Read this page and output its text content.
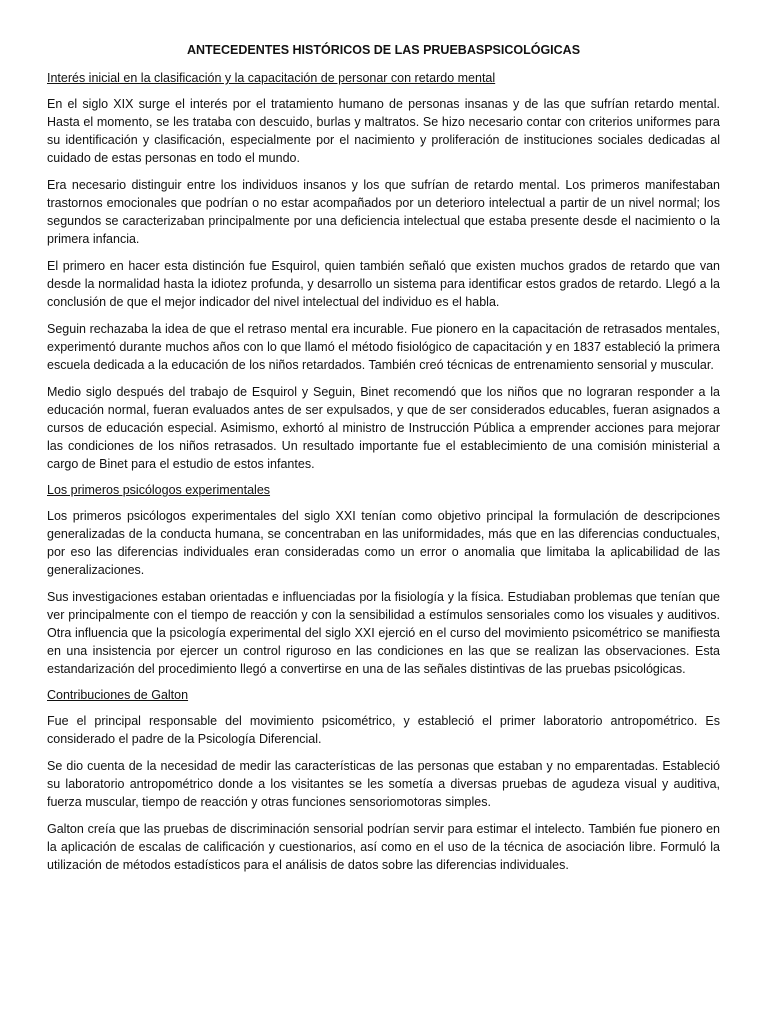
ANTECEDENTES HISTÓRICOS DE LAS PRUEBASPSICOLÓGICAS
Interés inicial en la clasificación y la capacitación de personar con retardo mental

En el siglo XIX surge el interés por el tratamiento humano de personas insanas y de las que sufrían retardo mental. Hasta el momento, se les trataba con descuido, burlas y maltratos. Se hizo necesario contar con criterios uniformes para su identificación y clasificación, especialmente por el nacimiento y proliferación de instituciones sociales dedicadas al cuidado de estas personas en todo el mundo.

Era necesario distinguir entre los individuos insanos y los que sufrían de retardo mental. Los primeros manifestaban trastornos emocionales que podrían o no estar acompañados por un deterioro intelectual a partir de un nivel normal; los segundos se caracterizaban principalmente por una deficiencia intelectual que estaba presente desde el nacimiento o la primera infancia.

El primero en hacer esta distinción fue Esquirol, quien también señaló que existen muchos grados de retardo que van desde la normalidad hasta la idiotez profunda, y desarrollo un sistema para identificar estos grados de retardo. Llegó a la conclusión de que el mejor indicador del nivel intelectual del individuo es el habla.

Seguin rechazaba la idea de que el retraso mental era incurable. Fue pionero en la capacitación de retrasados mentales, experimentó durante muchos años con lo que llamó el método fisiológico de capacitación y en 1837 estableció la primera escuela dedicada a la educación de los niños retardados. También creó técnicas de entrenamiento sensorial y muscular.

Medio siglo después del trabajo de Esquirol y Seguin, Binet recomendó que los niños que no lograran responder a la educación normal, fueran evaluados antes de ser expulsados, y que de ser considerados educables, fueran asignados a cursos de educación especial. Asimismo, exhortó al ministro de Instrucción Pública a emprender acciones para mejorar las condiciones de los niños retrasados. Un resultado importante fue el establecimiento de una comisión ministerial a cargo de Binet para el estudio de estos infantes.

Los primeros psicólogos experimentales

Los primeros psicólogos experimentales del siglo XXI tenían como objetivo principal la formulación de descripciones generalizadas de la conducta humana, se concentraban en las uniformidades, más que en las diferencias conductuales, por eso las diferencias individuales eran consideradas como un error o anomalia que limitaba la aplicabilidad de las generalizaciones.

Sus investigaciones estaban orientadas e influenciadas por la fisiología y la física. Estudiaban problemas que tenían que ver principalmente con el tiempo de reacción y con la sensibilidad a estímulos sensoriales como los visuales y auditivos. Otra influencia que la psicología experimental del siglo XXI ejerció en el curso del movimiento psicométrico se manifiesta en una insistencia por ejercer un control riguroso en las condiciones en las que se realizan las observaciones. Esta estandarización del procedimiento llegó a convertirse en una de las señales distintivas de las pruebas psicológicas.

Contribuciones de Galton

Fue el principal responsable del movimiento psicométrico, y estableció el primer laboratorio antropométrico. Es considerado el padre de la Psicología Diferencial.

Se dio cuenta de la necesidad de medir las características de las personas que estaban y no emparentadas. Estableció su laboratorio antropométrico donde a los visitantes se les sometía a diversas pruebas de agudeza visual y auditiva, fuerza muscular, tiempo de reacción y otras funciones sensoriomotoras simples.

Galton creía que las pruebas de discriminación sensorial podrían servir para estimar el intelecto. También fue pionero en la aplicación de escalas de calificación y cuestionarios, así como en el uso de la técnica de asociación libre. Formuló la utilización de métodos estadísticos para el análisis de datos sobre las diferencias individuales.
